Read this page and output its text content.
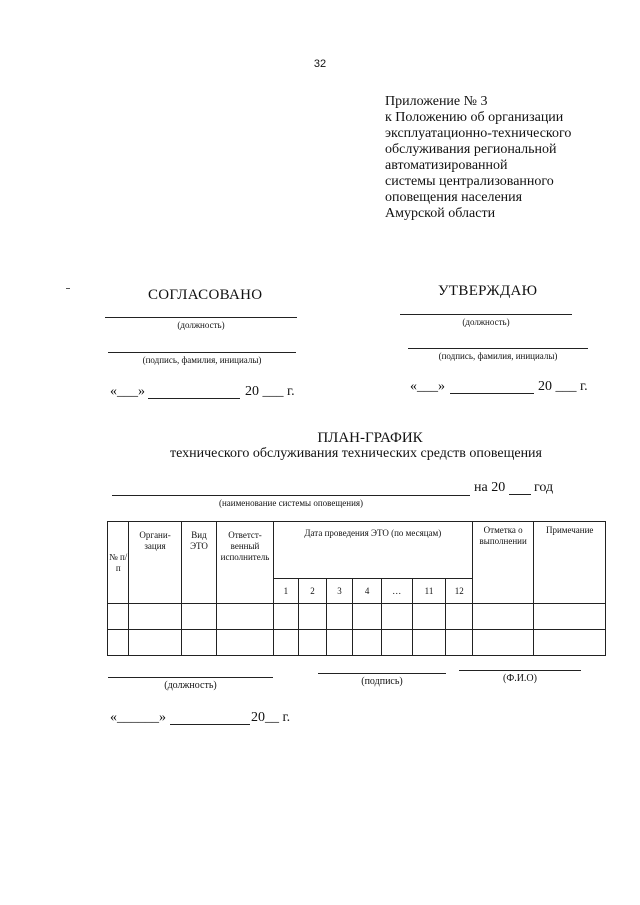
32
Приложение № 3
к Положению об организации
эксплуатационно-технического
обслуживания региональной
автоматизированной
системы централизованного
оповещения населения
Амурской области
СОГЛАСОВАНО
(должность)
(подпись, фамилия, инициалы)
«___»	20 ___ г.
УТВЕРЖДАЮ
(должность)
(подпись, фамилия, инициалы)
«___»	20 ___ г.
ПЛАН-ГРАФИК
технического обслуживания технических средств оповещения
на 20 год
(наименование системы оповещения)
№ п/п	Органи-зация	Вид ЭТО	Ответст-венный исполнитель	Дата проведения ЭТО (по месяцам)							Отметка о выполнении	Примечание
				1	2	3	4	…	11	12		

(должность)	(подпись)	(Ф.И.О)
«______»	20__ г.
